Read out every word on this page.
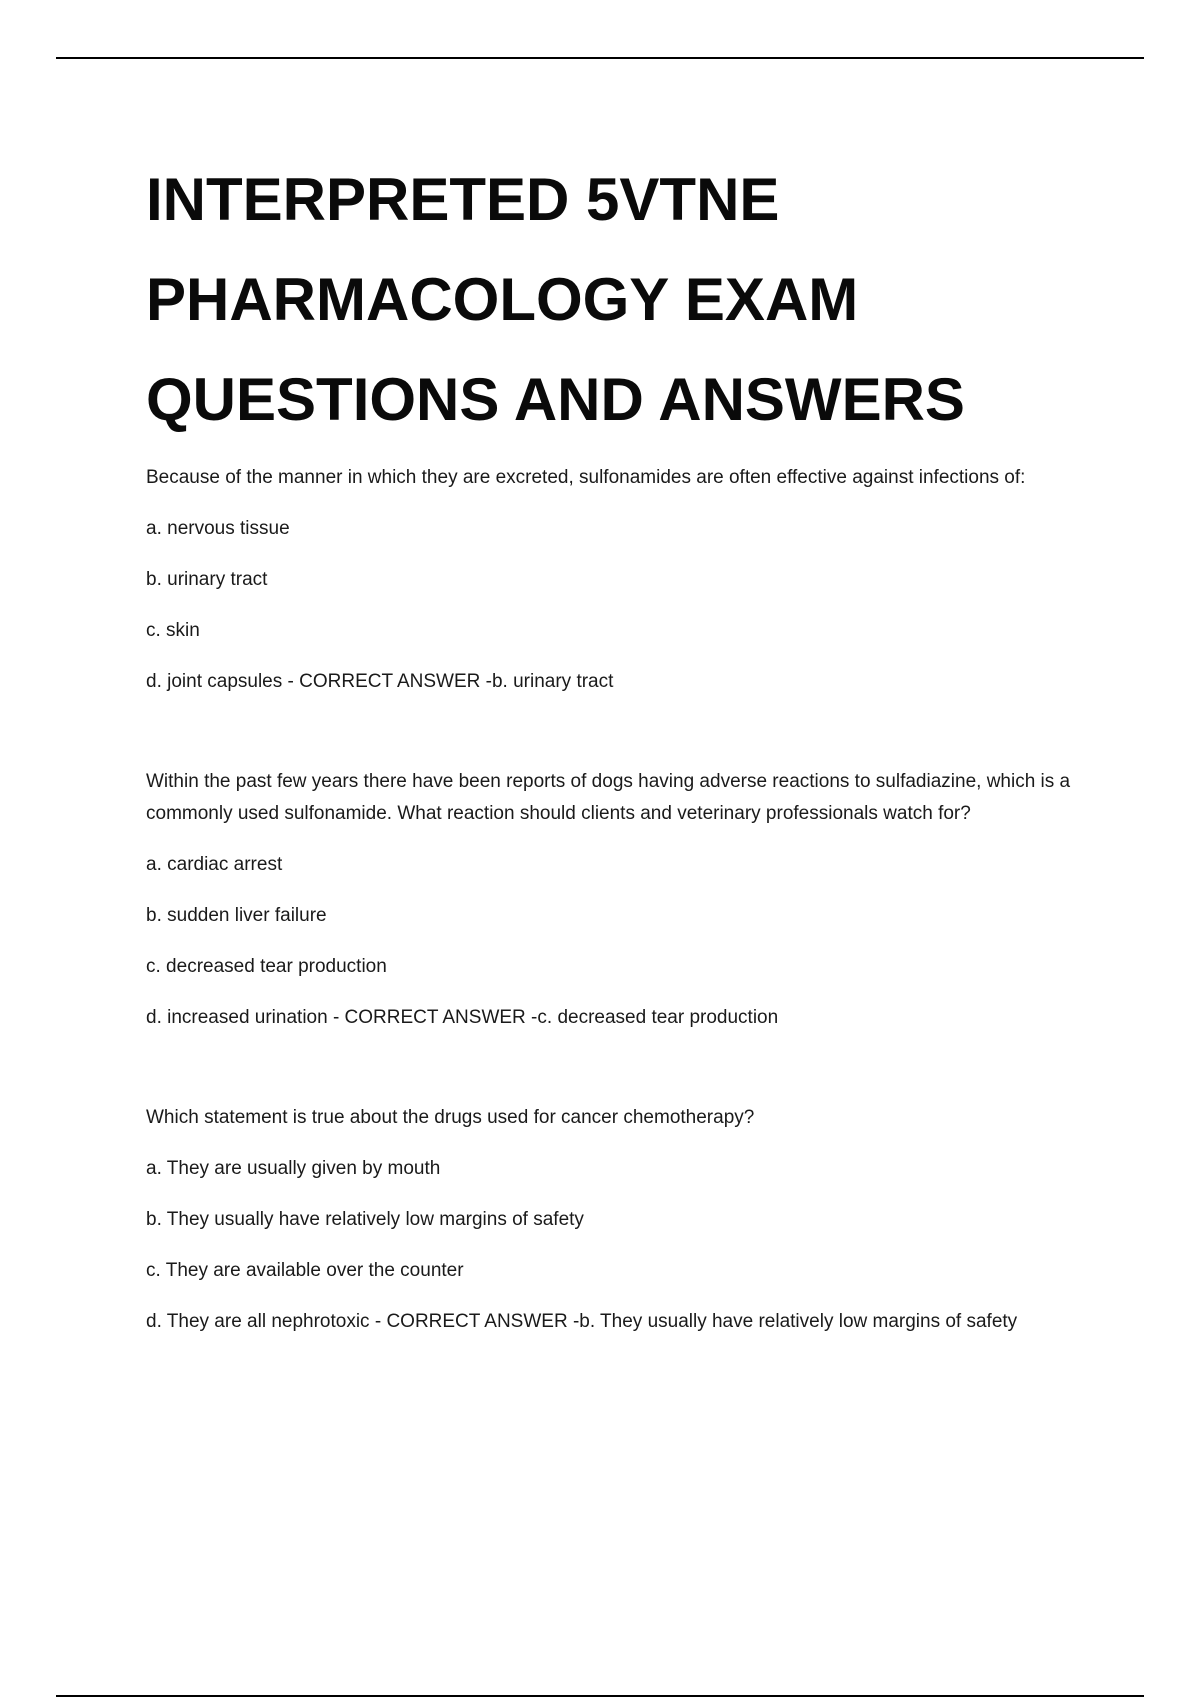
INTERPRETED 5VTNE
PHARMACOLOGY EXAM
QUESTIONS AND ANSWERS

Because of the manner in which they are excreted, sulfonamides are often effective against infections of:

a. nervous tissue

b. urinary tract

c. skin

d. joint capsules - CORRECT ANSWER -b. urinary tract

Within the past few years there have been reports of dogs having adverse reactions to sulfadiazine, which is a commonly used sulfonamide. What reaction should clients and veterinary professionals watch for?

a. cardiac arrest

b. sudden liver failure

c. decreased tear production

d. increased urination - CORRECT ANSWER -c. decreased tear production

Which statement is true about the drugs used for cancer chemotherapy?

a. They are usually given by mouth

b. They usually have relatively low margins of safety

c. They are available over the counter

d. They are all nephrotoxic - CORRECT ANSWER -b. They usually have relatively low margins of safety
